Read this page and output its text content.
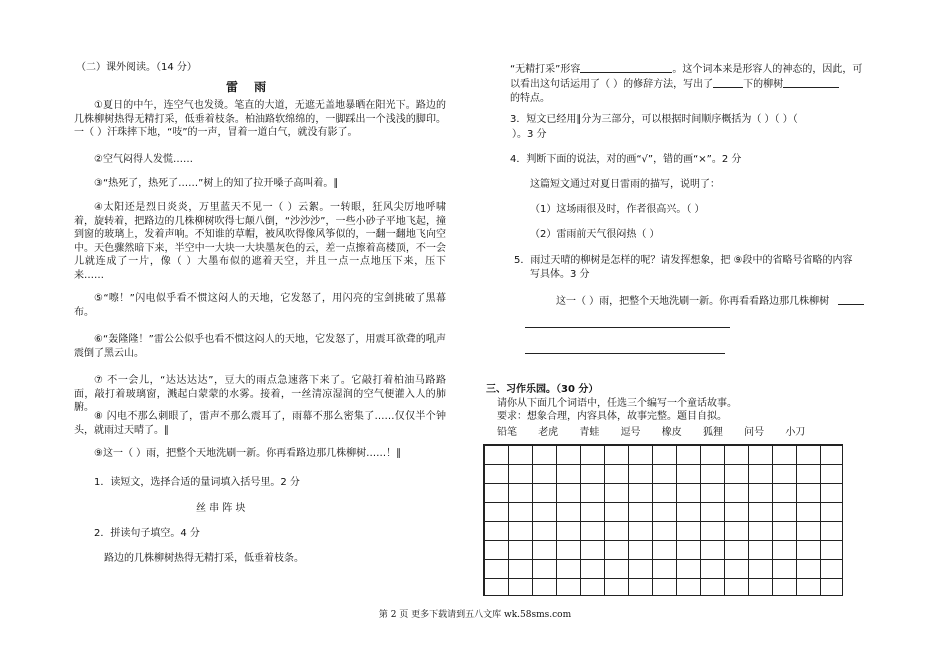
（二）课外阅读。（14 分）
雷 雨
①夏日的中午，连空气也发烫。笔直的大道，无遮无盖地暴晒在阳光下。路边的几株柳树热得无精打采，低垂着枝条。柏油路软绵绵的，一脚踩出一个浅浅的脚印。一（ ）汗珠摔下地，“吱”的一声，冒着一道白气，就没有影了。
②空气闷得人发慌……
③“热死了，热死了……”树上的知了拉开嗓子高叫着。∥
④太阳还是烈日炎炎，万里蓝天不见一（ ）云絮。一转眼，狂风尖厉地呼啸着，旋转着，把路边的几株柳树吹得七颠八倒，“沙沙沙”，一些小砂子平地飞起，撞到窗的玻璃上，发着声响。不知谁的草帽，被风吹得像风筝似的，一翻一翻地飞向空中。天色骤然暗下来，半空中一大块一大块墨灰色的云，差一点擦着高楼顶，不一会儿就连成了一片，像（ ）大墨布似的遮着天空，并且一点一点地压下来，压下来……
⑤“嚓！”闪电似乎看不惯这闷人的天地，它发怒了，用闪亮的宝剑挑破了黑幕布。
⑥“轰隆隆！”雷公公似乎也看不惯这闷人的天地，它发怒了，用震耳欲聋的吼声震倒了黑云山。
⑦ 不一会儿，“达达达达”，豆大的雨点急速落下来了。它敲打着柏油马路路面，敲打着玻璃窗，溅起白蒙蒙的水雾。接着，一丝清凉湿润的空气便灌入人的肺腑。
⑧ 闪电不那么刺眼了，雷声不那么震耳了，雨幕不那么密集了……仅仅半个钟头，就雨过天晴了。∥
⑨这一（ ）雨，把整个天地洗刷一新。你再看路边那几株柳树……！∥
1．读短文，选择合适的量词填入括号里。2 分
丝 串 阵 块
2．拼读句子填空。4 分
路边的几株柳树热得无精打采，低垂着枝条。
“无精打采”形容	。这个词本来是形容人的神态的，因此，可
以看出这句话运用了（ ）的修辞方法，写出了	下的柳树
的特点。
3．短文已经用∥分为三部分，可以根据时间顺序概括为（ ）（ ）（
）。3 分
4．判断下面的说法，对的画“√”，错的画“×”。2 分
这篇短文通过对夏日雷雨的描写，说明了：
（1）这场雨很及时，作者很高兴。（ ）
（2）雷雨前天气很闷热（ ）
5．雨过天晴的柳树是怎样的呢？请发挥想象，把 ⑨段中的省略号省略的内容
写具体。3 分
这一（ ）雨，把整个天地洗刷一新。你再看看路边那几株柳树
三、习作乐园。（30 分）
请你从下面几个词语中，任选三个编写一个童话故事。
要求：想象合理，内容具体，故事完整。题目自拟。
铅笔 老虎 青蛙 逗号 橡皮 狐狸 问号 小刀
第 2 页 更多下载请到五八文库 wk.58sms.com
